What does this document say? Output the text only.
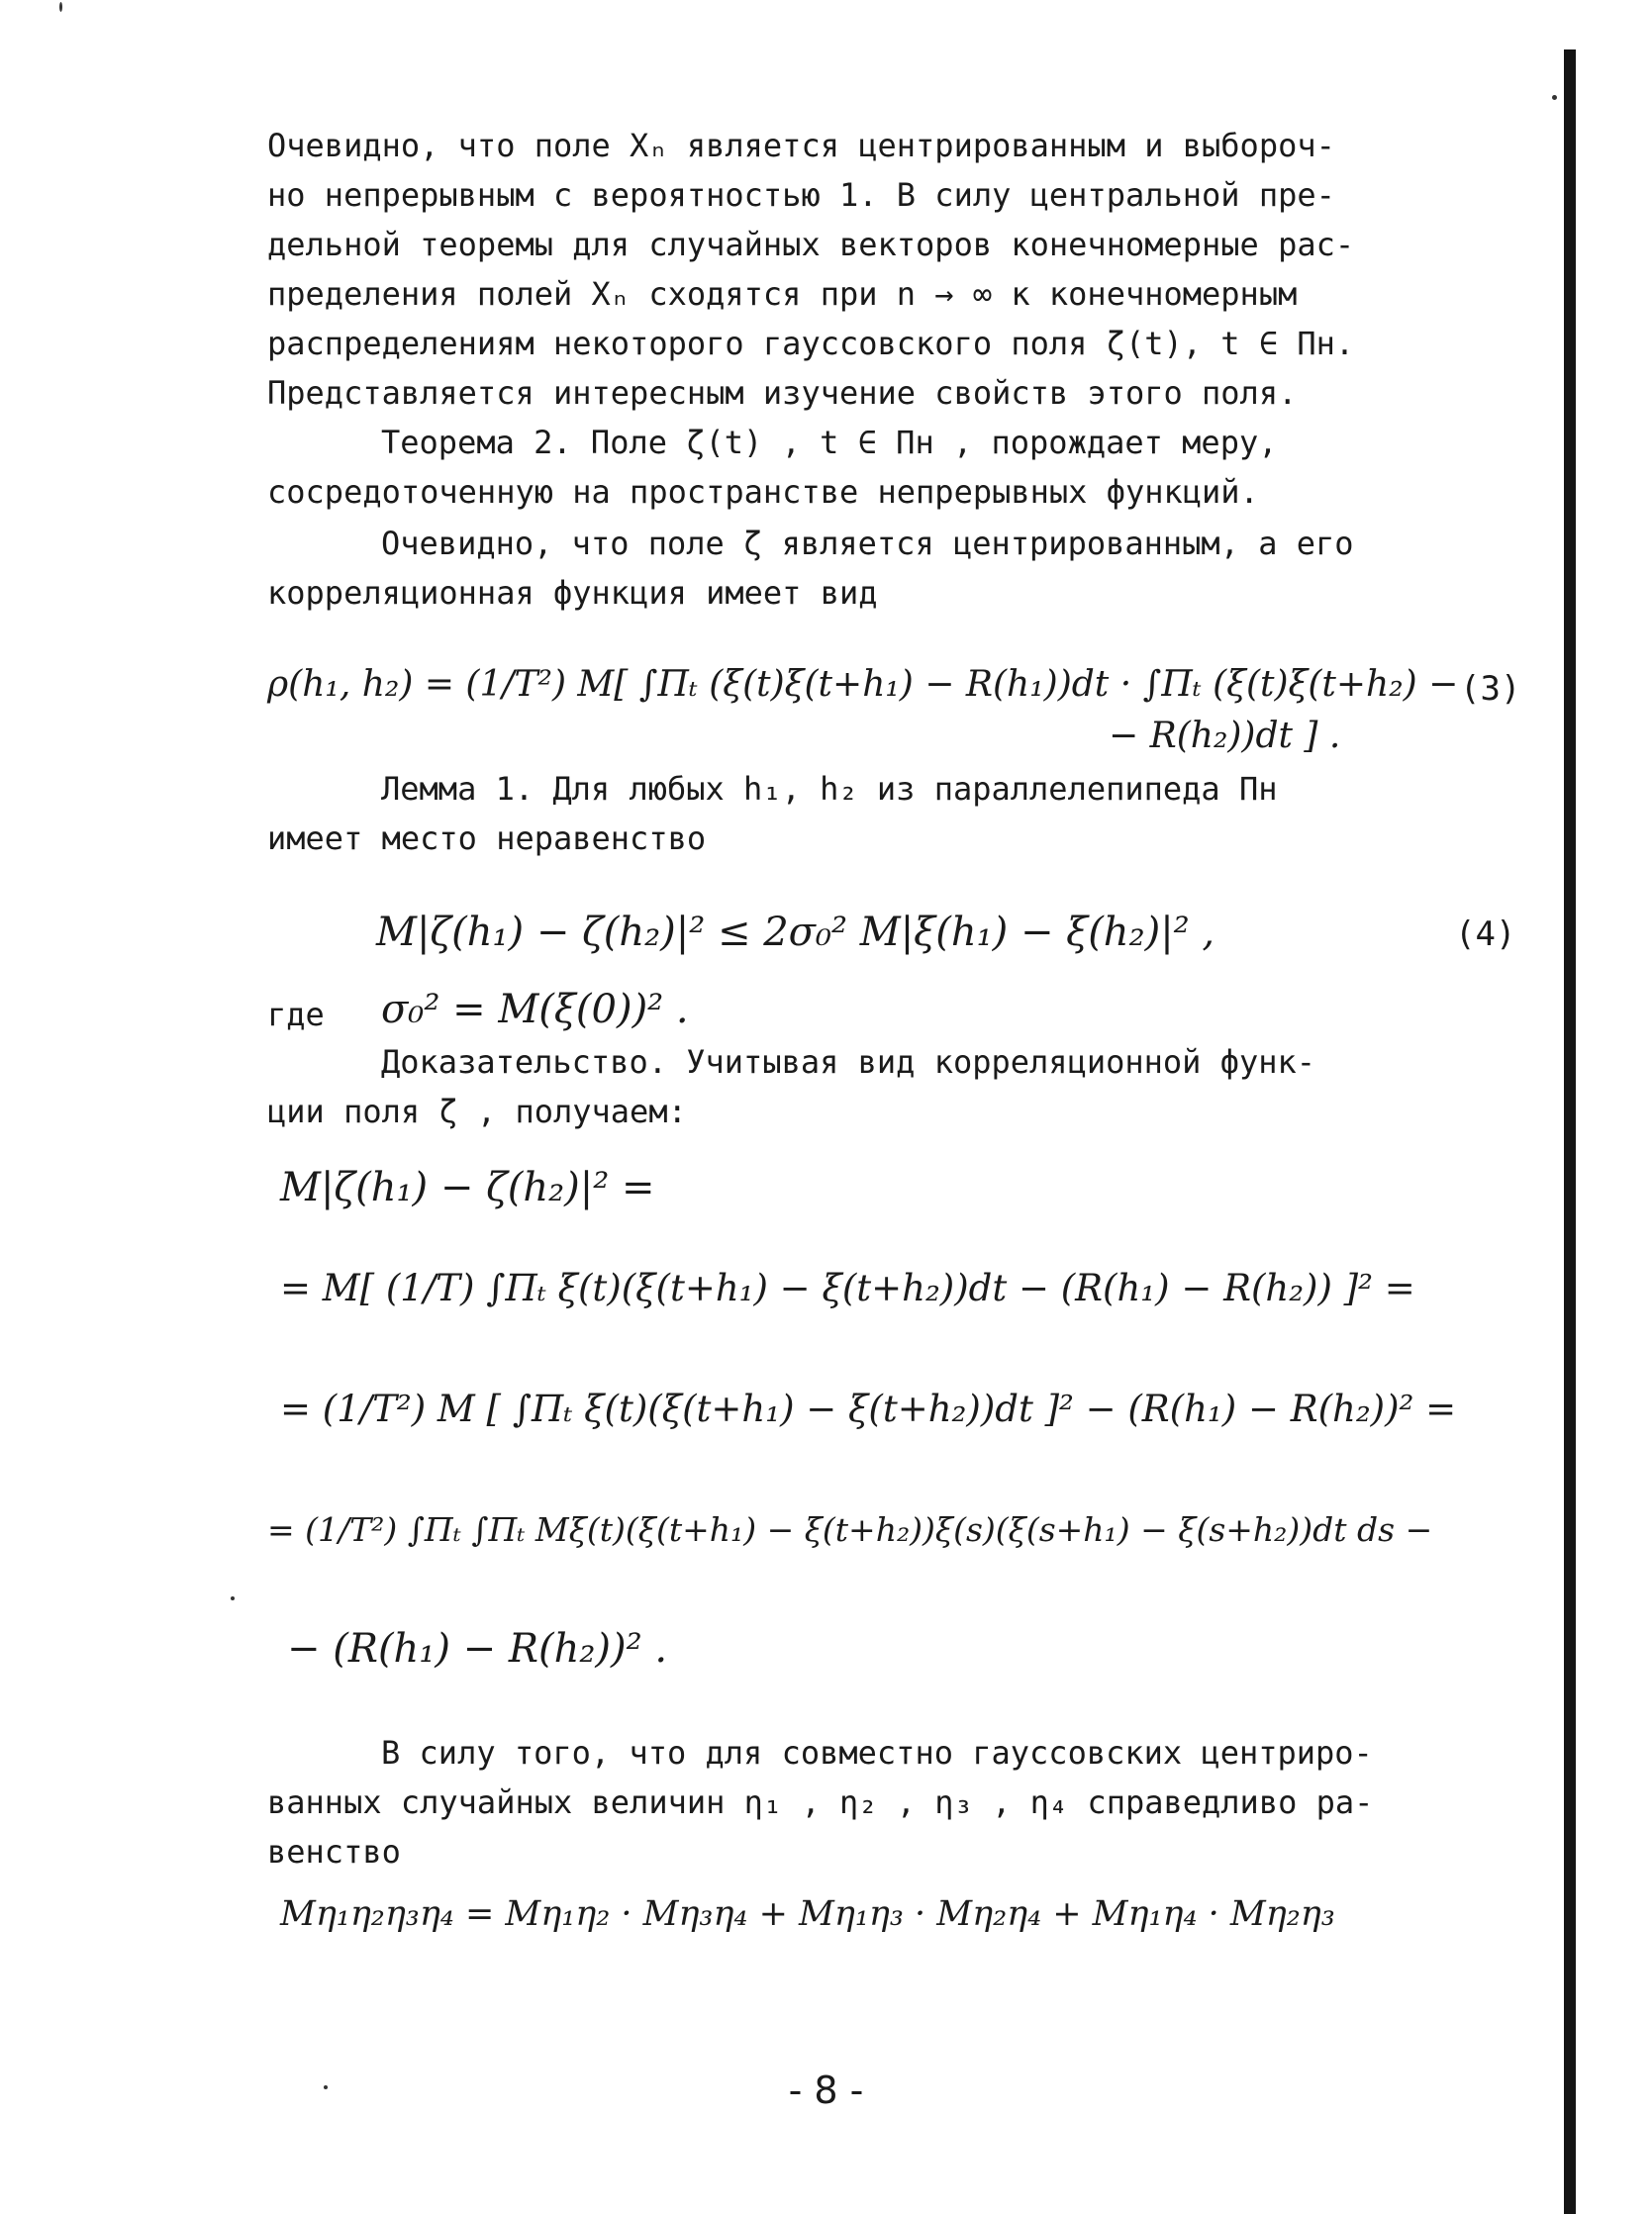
Очевидно, что поле Xₙ является центрированным и выбороч-
но непрерывным с вероятностью 1. В силу центральной пре-
дельной теоремы для случайных векторов конечномерные рас-
пределения полей Xₙ сходятся при n → ∞ к конечномерным
распределениям некоторого гауссовского поля ζ(t), t ∈ Πн.
Представляется интересным изучение свойств этого поля.
Теорема 2. Поле ζ(t) , t ∈ Πн , порождает меру,
сосредоточенную на пространстве непрерывных функций.
Очевидно, что поле ζ является центрированным, а его
корреляционная функция имеет вид
ρ(h₁, h₂) = (1/T²) M[ ∫Πₜ (ξ(t)ξ(t+h₁) − R(h₁))dt · ∫Πₜ (ξ(t)ξ(t+h₂) −
− R(h₂))dt ] .
(3)
Лемма 1. Для любых h₁, h₂ из параллелепипеда Πн
имеет место неравенство
M|ζ(h₁) − ζ(h₂)|² ≤ 2σ₀² M|ξ(h₁) − ξ(h₂)|² ,	(4)
где	σ₀² = M(ξ(0))² .
Доказательство. Учитывая вид корреляционной функ-
ции поля ζ , получаем:
M|ζ(h₁) − ζ(h₂)|² =
= M[ (1/T) ∫Πₜ ξ(t)(ξ(t+h₁) − ξ(t+h₂))dt − (R(h₁) − R(h₂)) ]² =
= (1/T²) M [ ∫Πₜ ξ(t)(ξ(t+h₁) − ξ(t+h₂))dt ]² − (R(h₁) − R(h₂))² =
= (1/T²) ∫Πₜ ∫Πₜ Mξ(t)(ξ(t+h₁) − ξ(t+h₂))ξ(s)(ξ(s+h₁) − ξ(s+h₂))dt ds −
− (R(h₁) − R(h₂))² .
В силу того, что для совместно гауссовских центриро-
ванных случайных величин η₁ , η₂ , η₃ , η₄ справедливо ра-
венство
Mη₁η₂η₃η₄ = Mη₁η₂ · Mη₃η₄ + Mη₁η₃ · Mη₂η₄ + Mη₁η₄ · Mη₂η₃
- 8 -
